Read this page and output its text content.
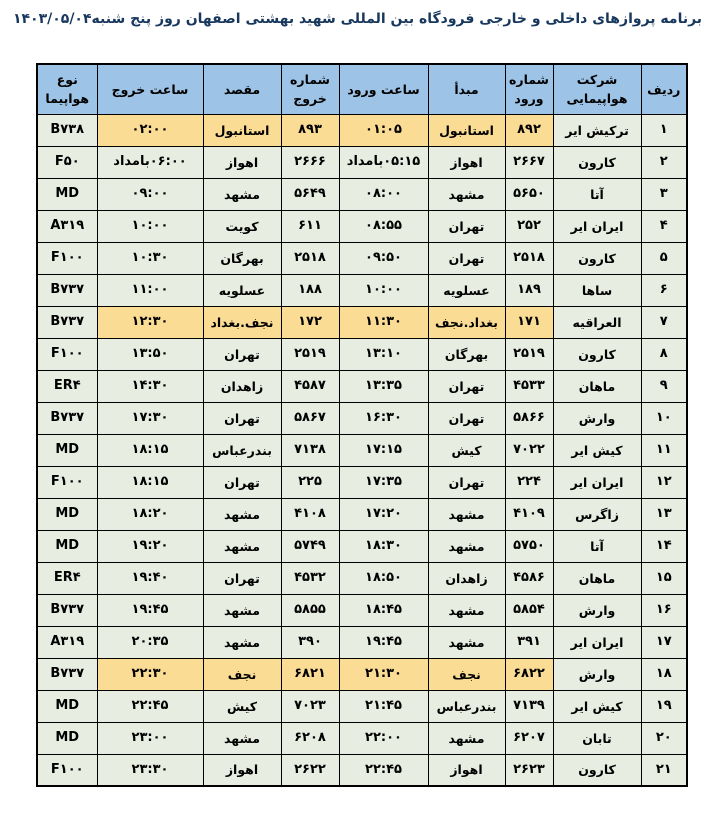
برنامه پروازهای داخلی و خارجی فرودگاه بین المللی شهید بهشتی اصفهان روز پنج شنبه۱۴۰۳/۰۵/۰۴
ردیف	شرکت هواپیمایی	شماره ورود	مبدأ	ساعت ورود	شماره خروج	مقصد	ساعت خروج	نوع هواپیما
۱	ترکیش ایر	۸۹۲	استانبول	۰۱:۰۵	۸۹۳	استانبول	۰۲:۰۰	B۷۳۸
۲	کارون	۲۶۶۷	اهواز	۰۵:۱۵بامداد	۲۶۶۶	اهواز	۰۶:۰۰بامداد	F۵۰
۳	آتا	۵۶۵۰	مشهد	۰۸:۰۰	۵۶۴۹	مشهد	۰۹:۰۰	MD
۴	ایران ایر	۲۵۲	تهران	۰۸:۵۵	۶۱۱	کویت	۱۰:۰۰	A۳۱۹
۵	کارون	۲۵۱۸	تهران	۰۹:۵۰	۲۵۱۸	بهرگان	۱۰:۳۰	F۱۰۰
۶	ساها	۱۸۹	عسلویه	۱۰:۰۰	۱۸۸	عسلویه	۱۱:۰۰	B۷۳۷
۷	العراقیه	۱۷۱	بغداد.نجف	۱۱:۳۰	۱۷۲	نجف.بغداد	۱۲:۳۰	B۷۳۷
۸	کارون	۲۵۱۹	بهرگان	۱۳:۱۰	۲۵۱۹	تهران	۱۳:۵۰	F۱۰۰
۹	ماهان	۴۵۳۳	تهران	۱۳:۳۵	۴۵۸۷	زاهدان	۱۴:۳۰	ER۴
۱۰	وارش	۵۸۶۶	تهران	۱۶:۳۰	۵۸۶۷	تهران	۱۷:۳۰	B۷۳۷
۱۱	کیش ایر	۷۰۲۲	کیش	۱۷:۱۵	۷۱۳۸	بندرعباس	۱۸:۱۵	MD
۱۲	ایران ایر	۲۲۴	تهران	۱۷:۳۵	۲۲۵	تهران	۱۸:۱۵	F۱۰۰
۱۳	زاگرس	۴۱۰۹	مشهد	۱۷:۲۰	۴۱۰۸	مشهد	۱۸:۲۰	MD
۱۴	آتا	۵۷۵۰	مشهد	۱۸:۳۰	۵۷۴۹	مشهد	۱۹:۲۰	MD
۱۵	ماهان	۴۵۸۶	زاهدان	۱۸:۵۰	۴۵۳۲	تهران	۱۹:۴۰	ER۴
۱۶	وارش	۵۸۵۴	مشهد	۱۸:۴۵	۵۸۵۵	مشهد	۱۹:۴۵	B۷۳۷
۱۷	ایران ایر	۳۹۱	مشهد	۱۹:۴۵	۳۹۰	مشهد	۲۰:۳۵	A۳۱۹
۱۸	وارش	۶۸۲۲	نجف	۲۱:۳۰	۶۸۲۱	نجف	۲۲:۳۰	B۷۳۷
۱۹	کیش ایر	۷۱۳۹	بندرعباس	۲۱:۴۵	۷۰۲۳	کیش	۲۲:۴۵	MD
۲۰	تابان	۶۲۰۷	مشهد	۲۲:۰۰	۶۲۰۸	مشهد	۲۳:۰۰	MD
۲۱	کارون	۲۶۲۳	اهواز	۲۲:۴۵	۲۶۲۲	اهواز	۲۳:۳۰	F۱۰۰
